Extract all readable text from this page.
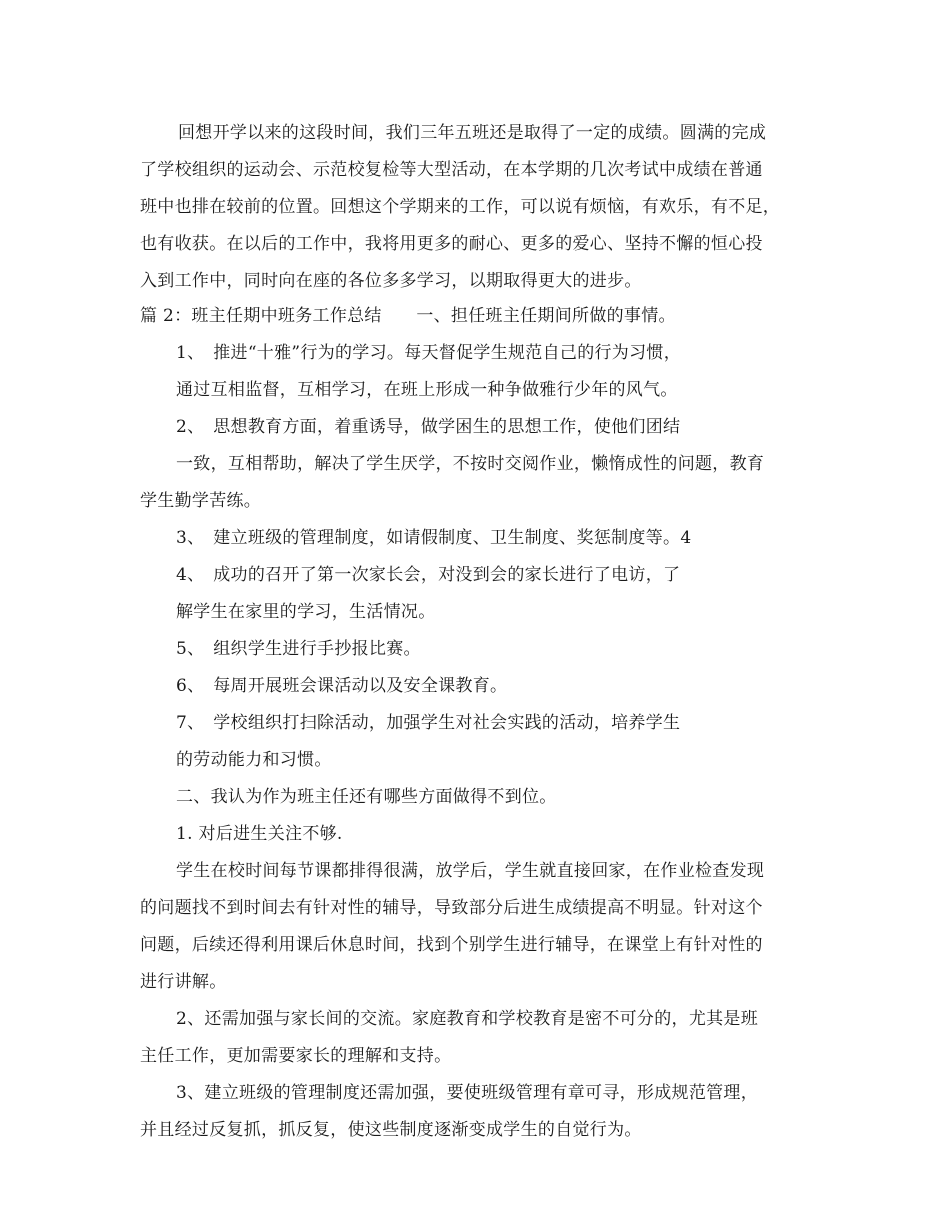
回想开学以来的这段时间，我们三年五班还是取得了一定的成绩。圆满的完成
了学校组织的运动会、示范校复检等大型活动，在本学期的几次考试中成绩在普通
班中也排在较前的位置。回想这个学期来的工作，可以说有烦恼，有欢乐，有不足，
也有收获。在以后的工作中，我将用更多的耐心、更多的爱心、坚持不懈的恒心投
入到工作中，同时向在座的各位多多学习，以期取得更大的进步。
篇 2：班主任期中班务工作总结　　一、担任班主任期间所做的事情。
1、　推进“十雅”行为的学习。每天督促学生规范自己的行为习惯，
通过互相监督，互相学习，在班上形成一种争做雅行少年的风气。
2、　思想教育方面，着重诱导，做学困生的思想工作，使他们团结
一致，互相帮助，解决了学生厌学，不按时交阅作业，懒惰成性的问题，教育
学生勤学苦练。
3、　建立班级的管理制度，如请假制度、卫生制度、奖惩制度等。4
4、　成功的召开了第一次家长会，对没到会的家长进行了电访，了
解学生在家里的学习，生活情况。
5、　组织学生进行手抄报比赛。
6、　每周开展班会课活动以及安全课教育。
7、　学校组织打扫除活动，加强学生对社会实践的活动，培养学生
的劳动能力和习惯。
二、我认为作为班主任还有哪些方面做得不到位。
1. 对后进生关注不够.
学生在校时间每节课都排得很满，放学后，学生就直接回家，在作业检查发现
的问题找不到时间去有针对性的辅导，导致部分后进生成绩提高不明显。针对这个
问题，后续还得利用课后休息时间，找到个别学生进行辅导，在课堂上有针对性的
进行讲解。
2、还需加强与家长间的交流。家庭教育和学校教育是密不可分的，尤其是班
主任工作，更加需要家长的理解和支持。
3、建立班级的管理制度还需加强，要使班级管理有章可寻，形成规范管理，
并且经过反复抓，抓反复，使这些制度逐渐变成学生的自觉行为。
